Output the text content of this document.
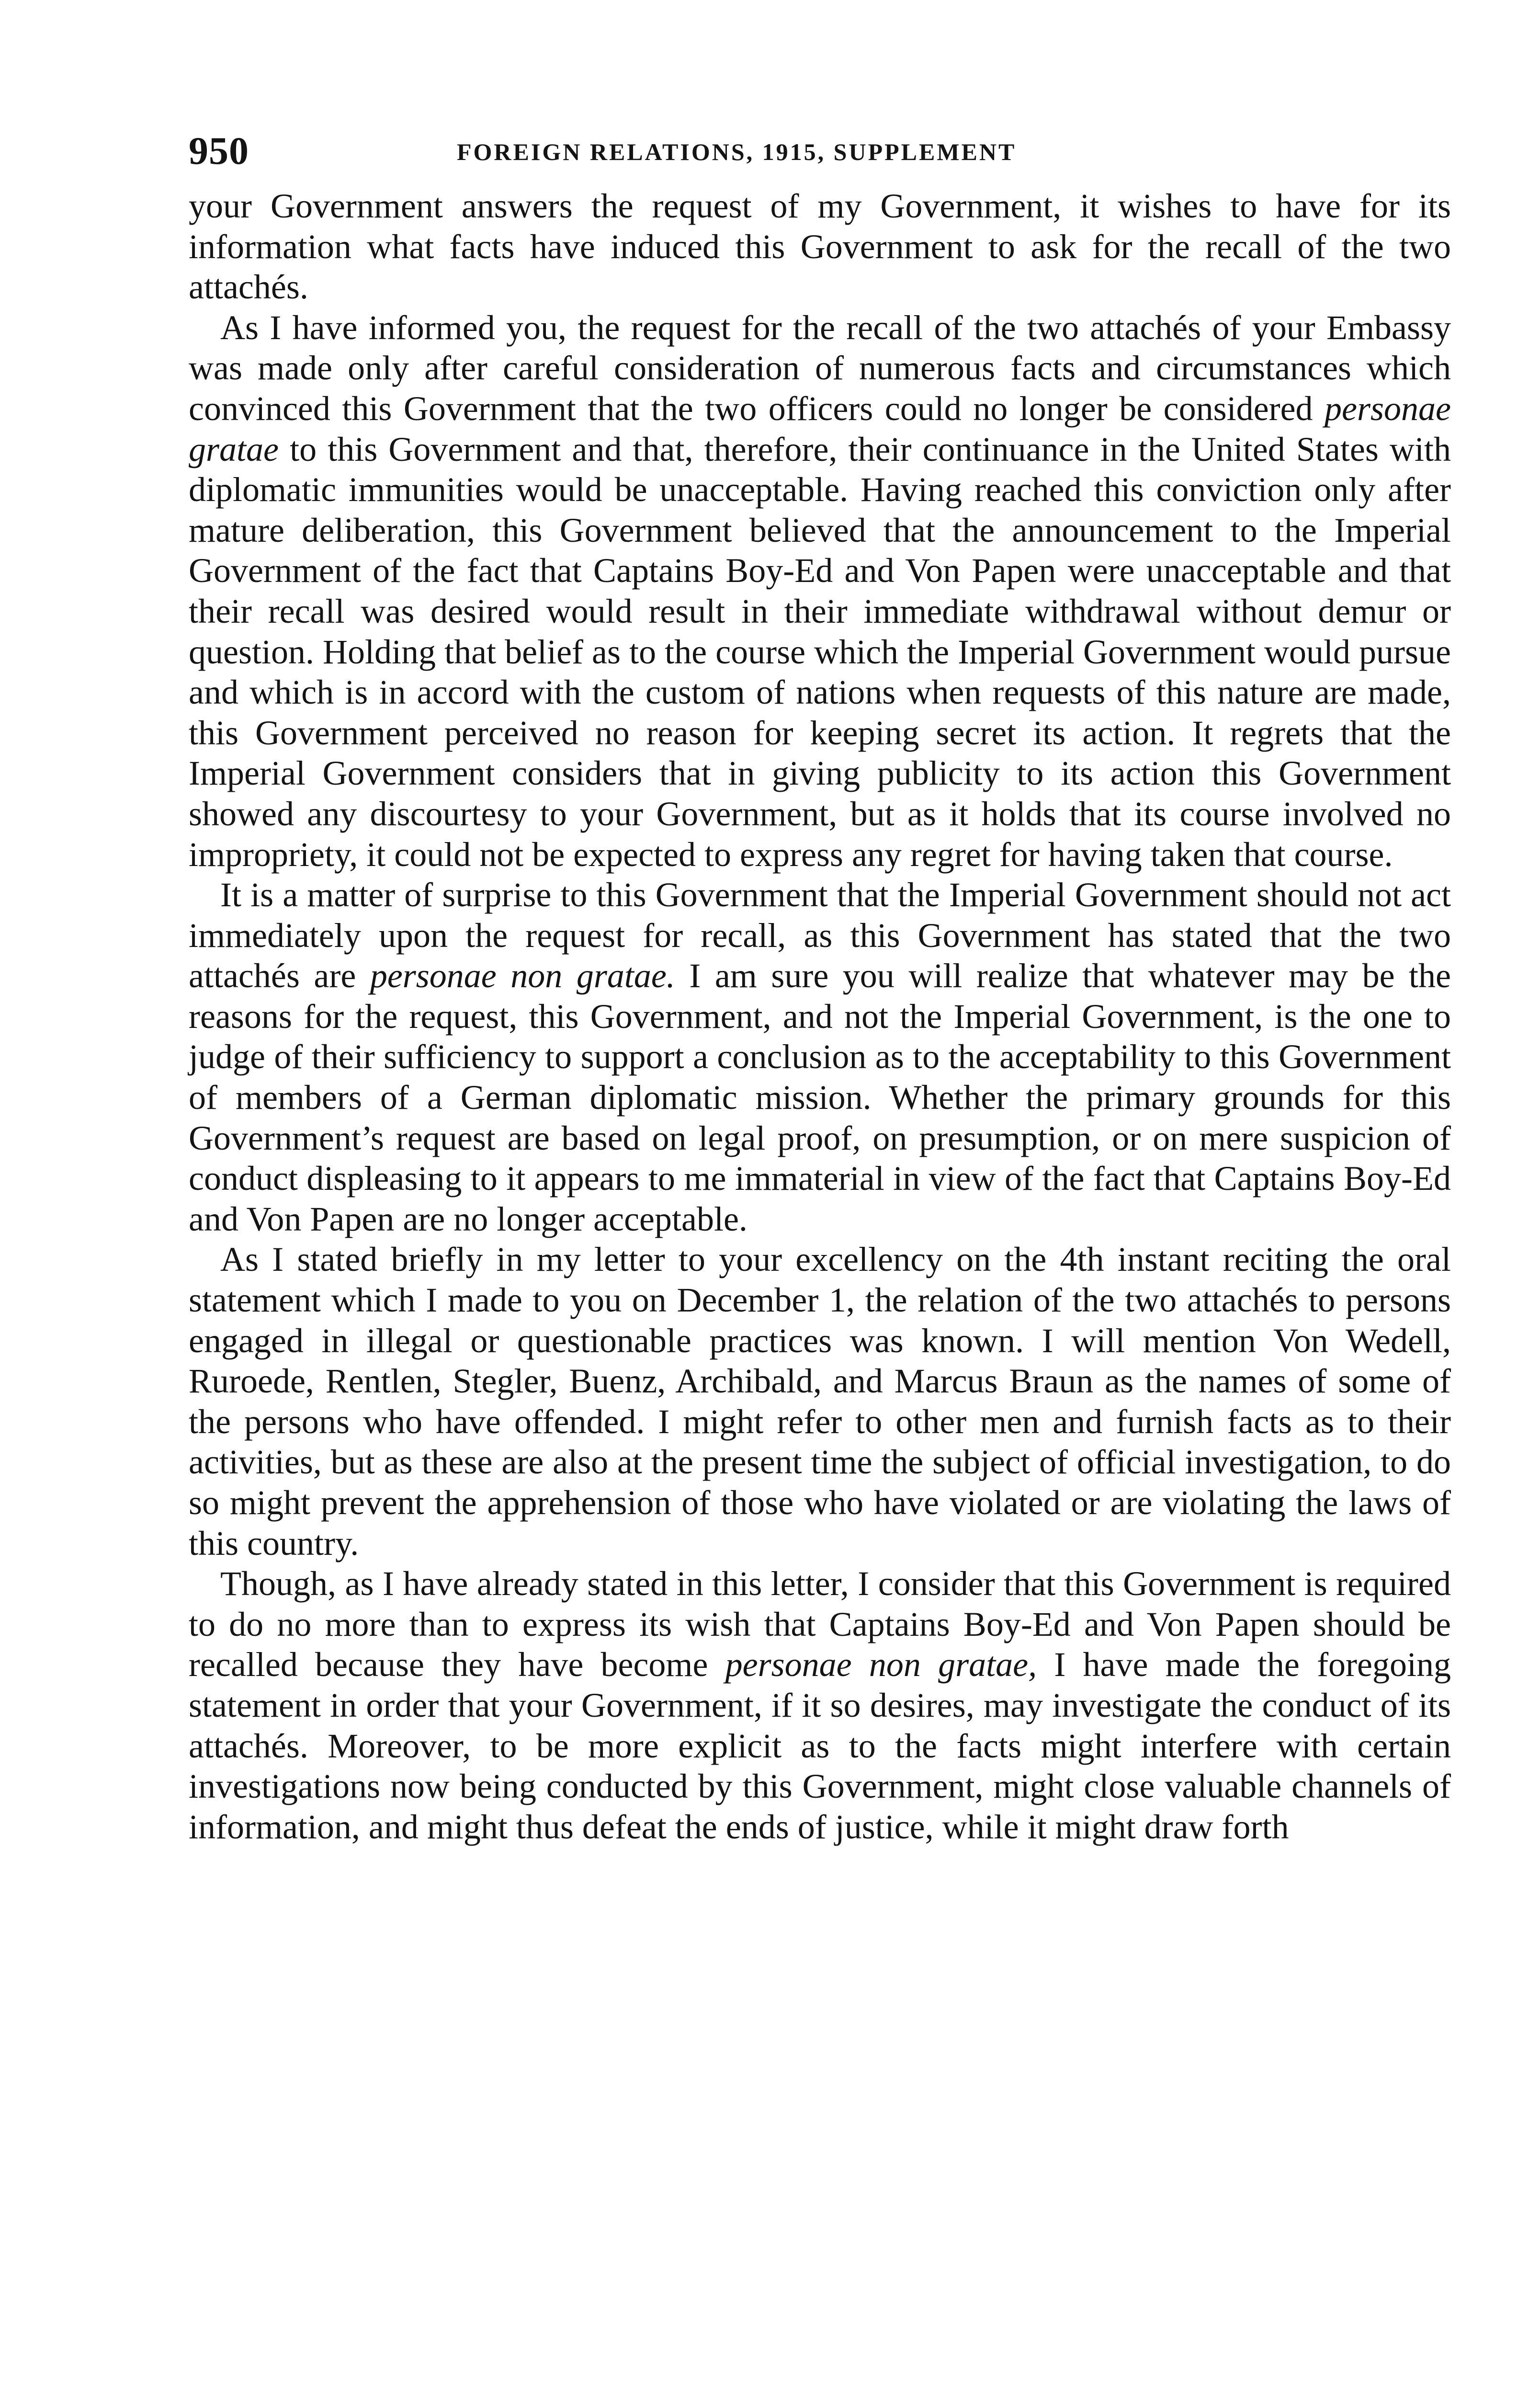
950	FOREIGN RELATIONS, 1915, SUPPLEMENT

your Government answers the request of my Government, it wishes to have for its information what facts have induced this Government to ask for the recall of the two attachés.

As I have informed you, the request for the recall of the two attachés of your Embassy was made only after careful consideration of numerous facts and circumstances which convinced this Government that the two officers could no longer be considered personae gratae to this Government and that, therefore, their continuance in the United States with diplomatic immunities would be unacceptable. Having reached this conviction only after mature deliberation, this Government believed that the announcement to the Imperial Government of the fact that Captains Boy-Ed and Von Papen were unacceptable and that their recall was desired would result in their immediate withdrawal without demur or question. Holding that belief as to the course which the Imperial Government would pursue and which is in accord with the custom of nations when requests of this nature are made, this Government perceived no reason for keeping secret its action. It regrets that the Imperial Government considers that in giving publicity to its action this Government showed any discourtesy to your Government, but as it holds that its course involved no impropriety, it could not be expected to express any regret for having taken that course.

It is a matter of surprise to this Government that the Imperial Government should not act immediately upon the request for recall, as this Government has stated that the two attachés are personae non gratae. I am sure you will realize that whatever may be the reasons for the request, this Government, and not the Imperial Government, is the one to judge of their sufficiency to support a conclusion as to the acceptability to this Government of members of a German diplomatic mission. Whether the primary grounds for this Government’s request are based on legal proof, on presumption, or on mere suspicion of conduct displeasing to it appears to me immaterial in view of the fact that Captains Boy-Ed and Von Papen are no longer acceptable.

As I stated briefly in my letter to your excellency on the 4th instant reciting the oral statement which I made to you on December 1, the relation of the two attachés to persons engaged in illegal or questionable practices was known. I will mention Von Wedell, Ruroede, Rentlen, Stegler, Buenz, Archibald, and Marcus Braun as the names of some of the persons who have offended. I might refer to other men and furnish facts as to their activities, but as these are also at the present time the subject of official investigation, to do so might prevent the apprehension of those who have violated or are violating the laws of this country.

Though, as I have already stated in this letter, I consider that this Government is required to do no more than to express its wish that Captains Boy-Ed and Von Papen should be recalled because they have become personae non gratae, I have made the foregoing statement in order that your Government, if it so desires, may investigate the conduct of its attachés. Moreover, to be more explicit as to the facts might interfere with certain investigations now being conducted by this Government, might close valuable channels of information, and might thus defeat the ends of justice, while it might draw forth
